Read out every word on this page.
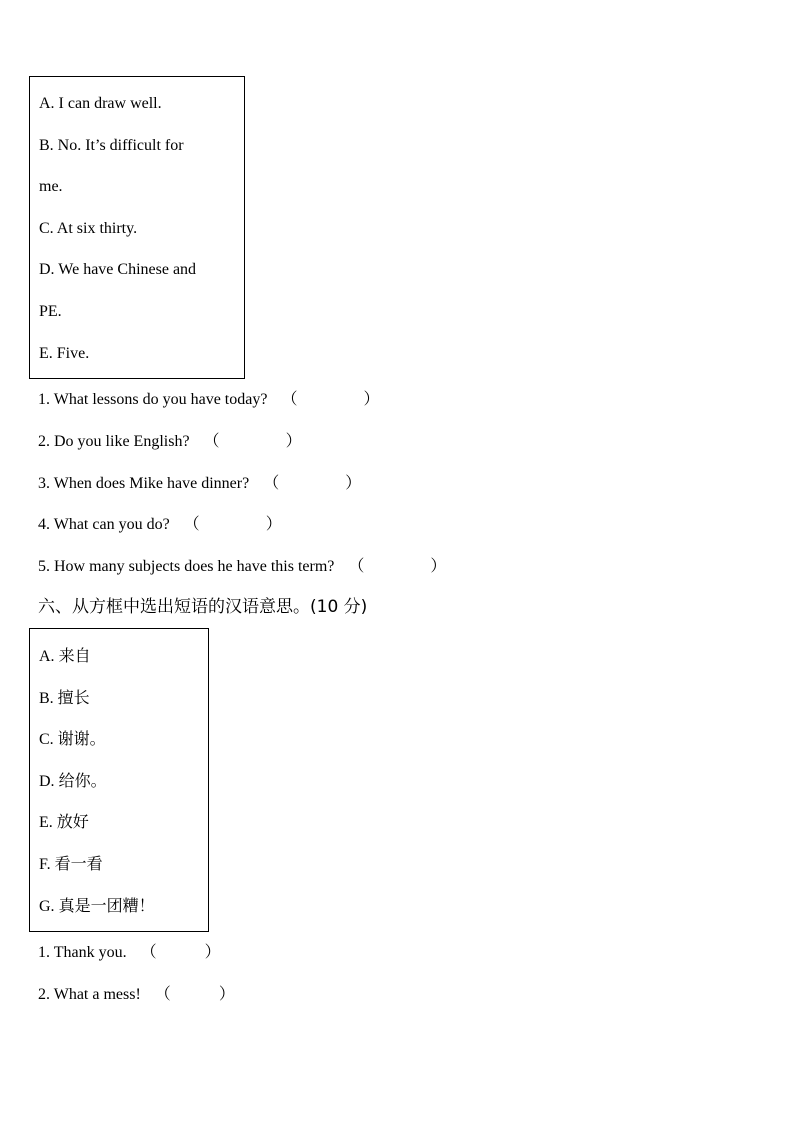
A. I can draw well.
B. No. It’s difficult for
me.
C. At six thirty.
D. We have Chinese and
PE.
E. Five.
1. What lessons do you have today? （	）
2. Do you like English? （	）
3. When does Mike have dinner? （	）
4. What can you do? （	）
5. How many subjects does he have this term? （	）
六、从方框中选出短语的汉语意思。(10 分)
A. 来自
B. 擅长
C. 谢谢。
D. 给你。
E. 放好
F. 看一看
G. 真是一团糟！
1. Thank you. （	）
2. What a mess! （	）
